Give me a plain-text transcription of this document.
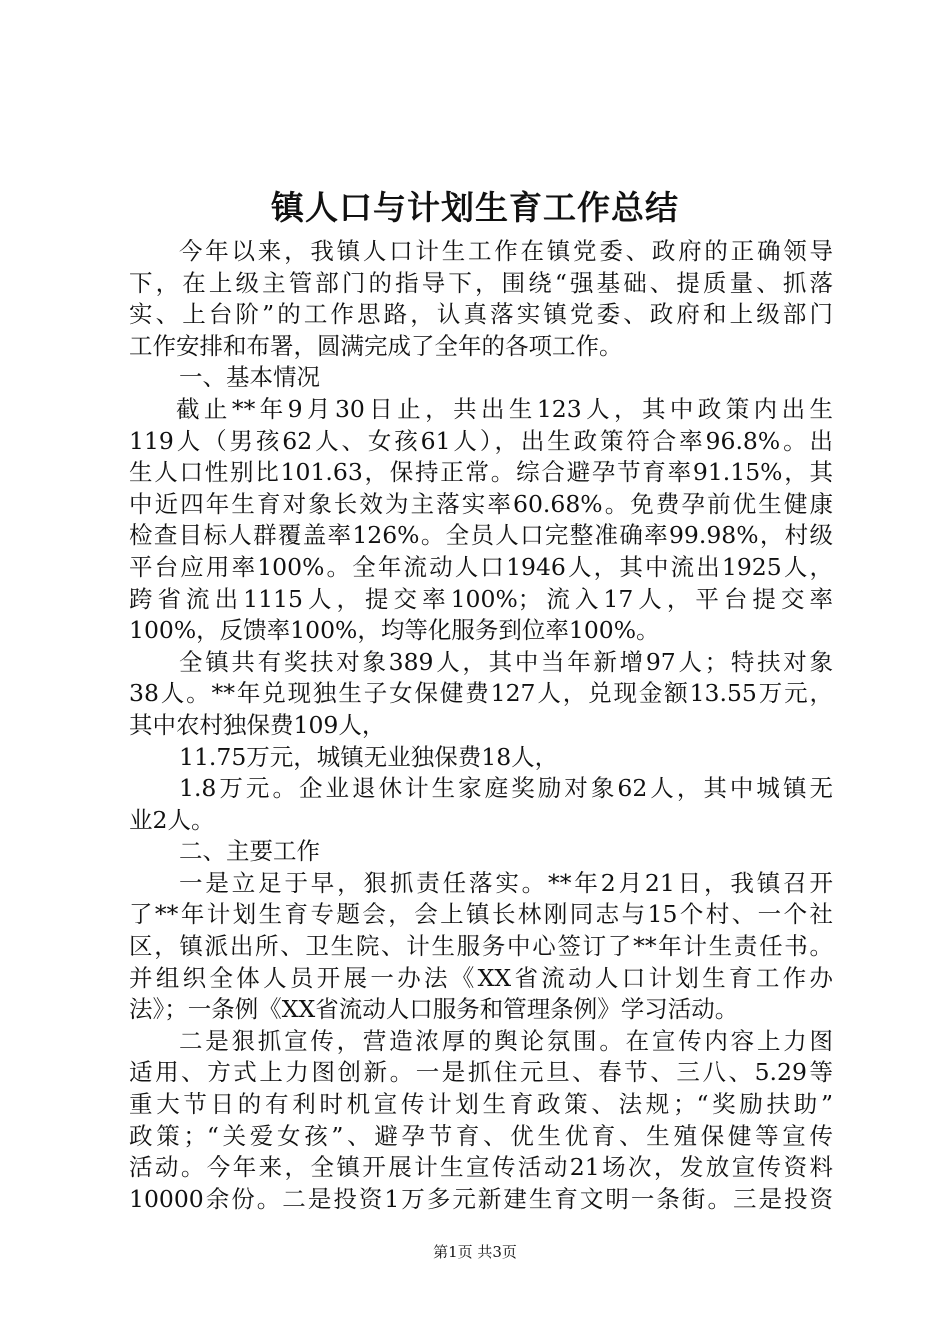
镇人口与计划生育工作总结
今年以来，我镇人口计生工作在镇党委、政府的正确领导
下，在上级主管部门的指导下，围绕“强基础、提质量、抓落
实、上台阶”的工作思路，认真落实镇党委、政府和上级部门
工作安排和布署，圆满完成了全年的各项工作。
一、基本情况
截止**年9月30日止，共出生123人，其中政策内出生
119人（男孩62人、女孩61人），出生政策符合率96.8%。出
生人口性别比101.63，保持正常。综合避孕节育率91.15%，其
中近四年生育对象长效为主落实率60.68%。免费孕前优生健康
检查目标人群覆盖率126%。全员人口完整准确率99.98%，村级
平台应用率100%。全年流动人口1946人，其中流出1925人，
跨省流出1115人，提交率100%；流入17人，平台提交率
100%，反馈率100%，均等化服务到位率100%。
全镇共有奖扶对象389人，其中当年新增97人；特扶对象
38人。**年兑现独生子女保健费127人，兑现金额13.55万元，
其中农村独保费109人，
11.75万元，城镇无业独保费18人，
1.8万元。企业退休计生家庭奖励对象62人，其中城镇无
业2人。
二、主要工作
一是立足于早，狠抓责任落实。**年2月21日，我镇召开
了**年计划生育专题会，会上镇长林刚同志与15个村、一个社
区，镇派出所、卫生院、计生服务中心签订了**年计生责任书。
并组织全体人员开展一办法《XX省流动人口计划生育工作办
法》；一条例《XX省流动人口服务和管理条例》学习活动。
二是狠抓宣传，营造浓厚的舆论氛围。在宣传内容上力图
适用、方式上力图创新。一是抓住元旦、春节、三八、5.29等
重大节日的有利时机宣传计划生育政策、法规；“奖励扶助”
政策；“关爱女孩”、避孕节育、优生优育、生殖保健等宣传
活动。今年来，全镇开展计生宣传活动21场次，发放宣传资料
10000余份。二是投资1万多元新建生育文明一条街。三是投资
第1页 共3页
